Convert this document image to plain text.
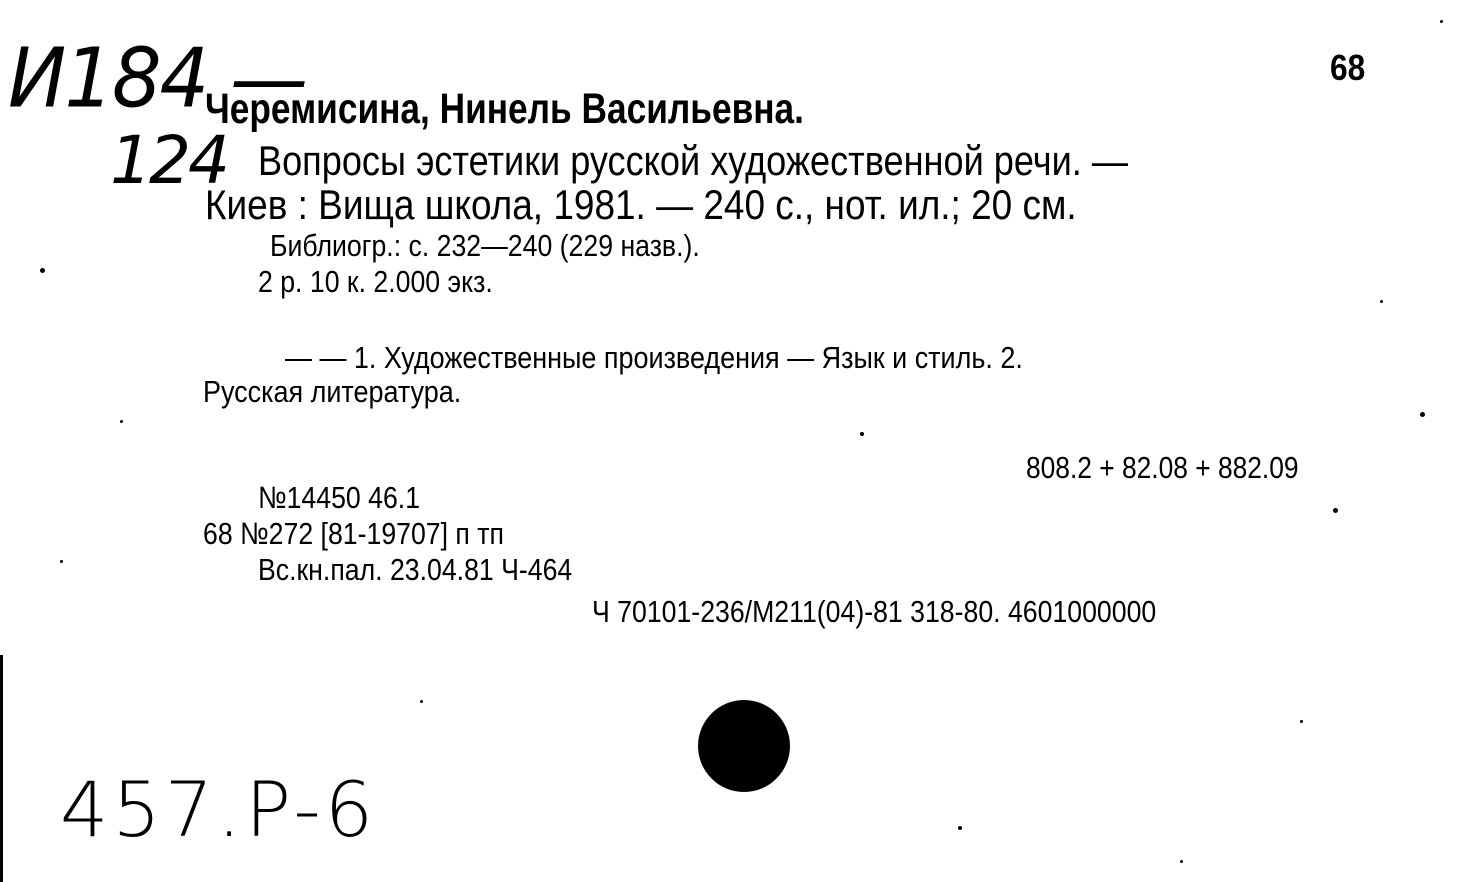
И184 —
124
68
Черемисина, Нинель Васильевна.
Вопросы эстетики русской художественной речи. —
Киев : Вища школа, 1981. — 240 с., нот. ил.; 20 см.
Библиогр.: с. 232—240 (229 назв.).
2 р. 10 к. 2.000 экз.
— — 1. Художественные произведения — Язык и стиль. 2.
Русская литература.
808.2 + 82.08 + 882.09
№14450 46.1
68 №272 [81-19707] п тп
Вс.кн.пал. 23.04.81 Ч-464
Ч 70101-236/М211(04)-81 318-80. 4601000000
457.P-6
